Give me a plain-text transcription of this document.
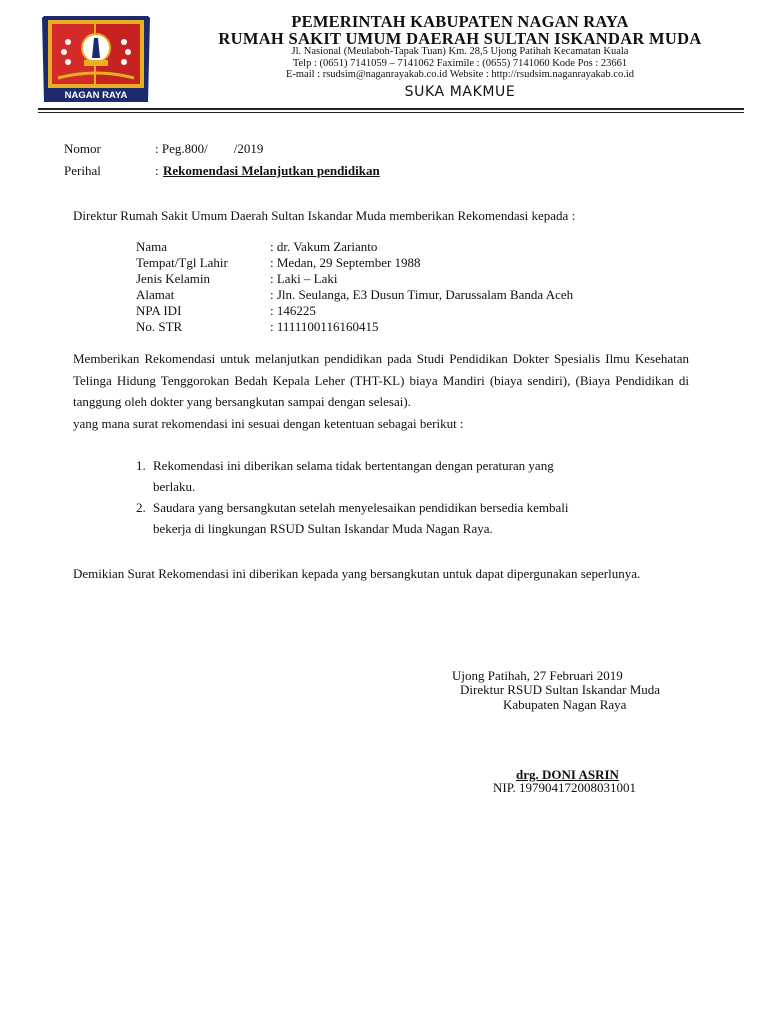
NAGAN RAYA
PEMERINTAH KABUPATEN NAGAN RAYA
RUMAH SAKIT UMUM DAERAH SULTAN ISKANDAR MUDA
Jl. Nasional (Meulaboh-Tapak Tuan) Km. 28,5 Ujong Patihah Kecamatan Kuala
Telp : (0651) 7141059 – 7141062 Faximile : (0655) 7141060 Kode Pos : 23661
E-mail : rsudsim@naganrayakab.co.id Website : http://rsudsim.naganrayakab.co.id
SUKA MAKMUE
Nomor	: Peg.800/        /2019
Perihal	: Rekomendasi Melanjutkan pendidikan
Direktur Rumah Sakit Umum Daerah Sultan Iskandar Muda memberikan Rekomendasi kepada :
Nama	: dr. Vakum Zarianto
Tempat/Tgl Lahir	: Medan, 29 September 1988
Jenis Kelamin	: Laki – Laki
Alamat	: Jln. Seulanga, E3 Dusun Timur, Darussalam Banda Aceh
NPA IDI	: 146225
No. STR	: 1111100116160415
Memberikan Rekomendasi untuk melanjutkan pendidikan pada Studi Pendidikan Dokter Spesialis Ilmu Kesehatan Telinga Hidung Tenggorokan Bedah Kepala Leher (THT-KL) biaya Mandiri (biaya sendiri), (Biaya Pendidikan di tanggung oleh dokter yang bersangkutan sampai dengan selesai).
yang mana surat rekomendasi ini sesuai dengan ketentuan sebagai berikut :
1. Rekomendasi ini diberikan selama tidak bertentangan dengan peraturan yang
berlaku.
2. Saudara yang bersangkutan setelah menyelesaikan pendidikan bersedia kembali
bekerja di lingkungan RSUD Sultan Iskandar Muda Nagan Raya.
Demikian Surat Rekomendasi ini diberikan kepada yang bersangkutan untuk dapat dipergunakan seperlunya.
Ujong Patihah, 27 Februari 2019
Direktur RSUD Sultan Iskandar Muda
Kabupaten Nagan Raya
drg. DONI ASRIN
NIP. 197904172008031001
